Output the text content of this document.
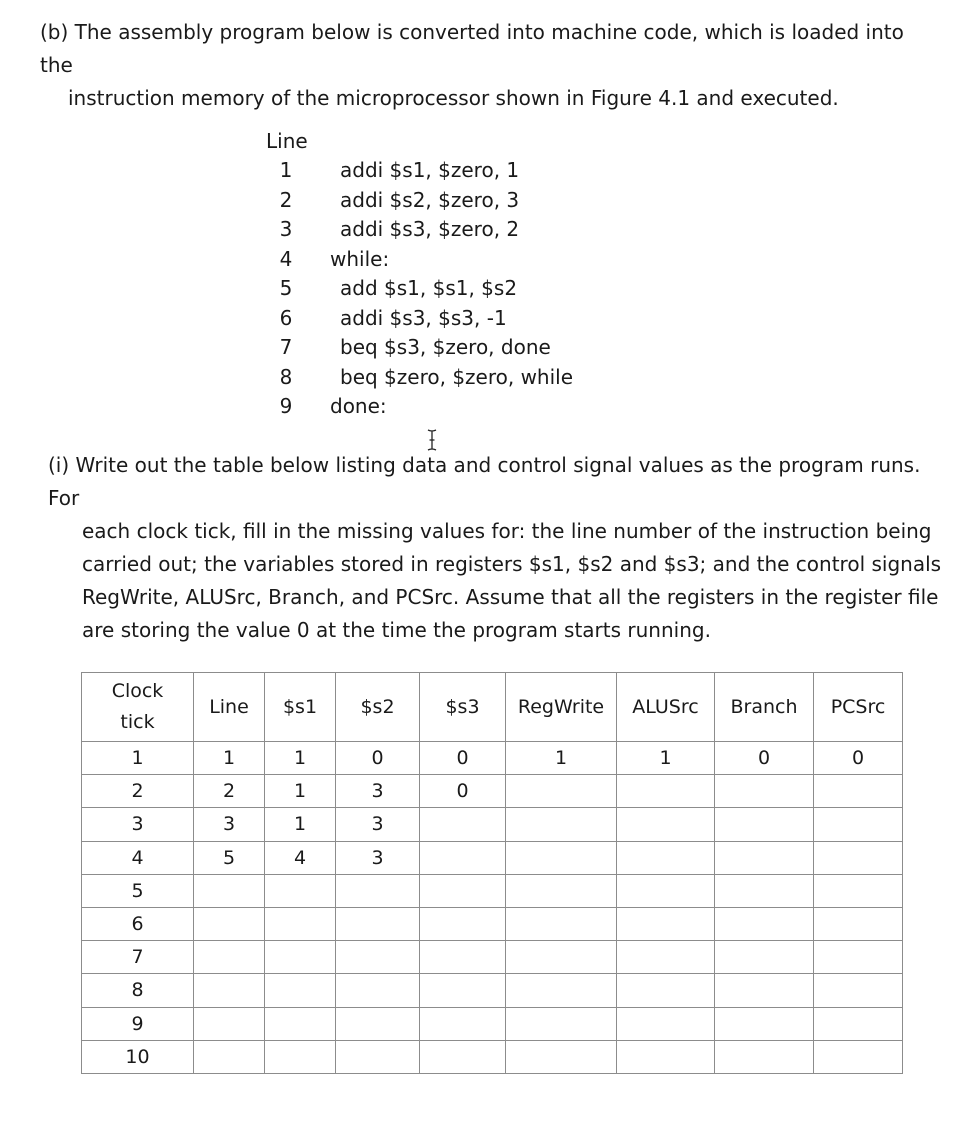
(b) The assembly program below is converted into machine code, which is loaded into the
instruction memory of the microprocessor shown in Figure 4.1 and executed.

Line
1	addi $s1, $zero, 1
2	addi $s2, $zero, 3
3	addi $s3, $zero, 2
4	while:
5	add $s1, $s1, $s2
6	addi $s3, $s3, -1
7	beq $s3, $zero, done
8	beq $zero, $zero, while
9	done:

(i) Write out the table below listing data and control signal values as the program runs. For
each clock tick, fill in the missing values for: the line number of the instruction being
carried out; the variables stored in registers $s1, $s2 and $s3; and the control signals
RegWrite, ALUSrc, Branch, and PCSrc. Assume that all the registers in the register file
are storing the value 0 at the time the program starts running.

Clock tick	Line	$s1	$s2	$s3	RegWrite	ALUSrc	Branch	PCSrc
1	1	1	0	0	1	1	0	0
2	2	1	3	0				
3	3	1	3					
4	5	4	3					
5								
6								
7								
8								
9								
10								
